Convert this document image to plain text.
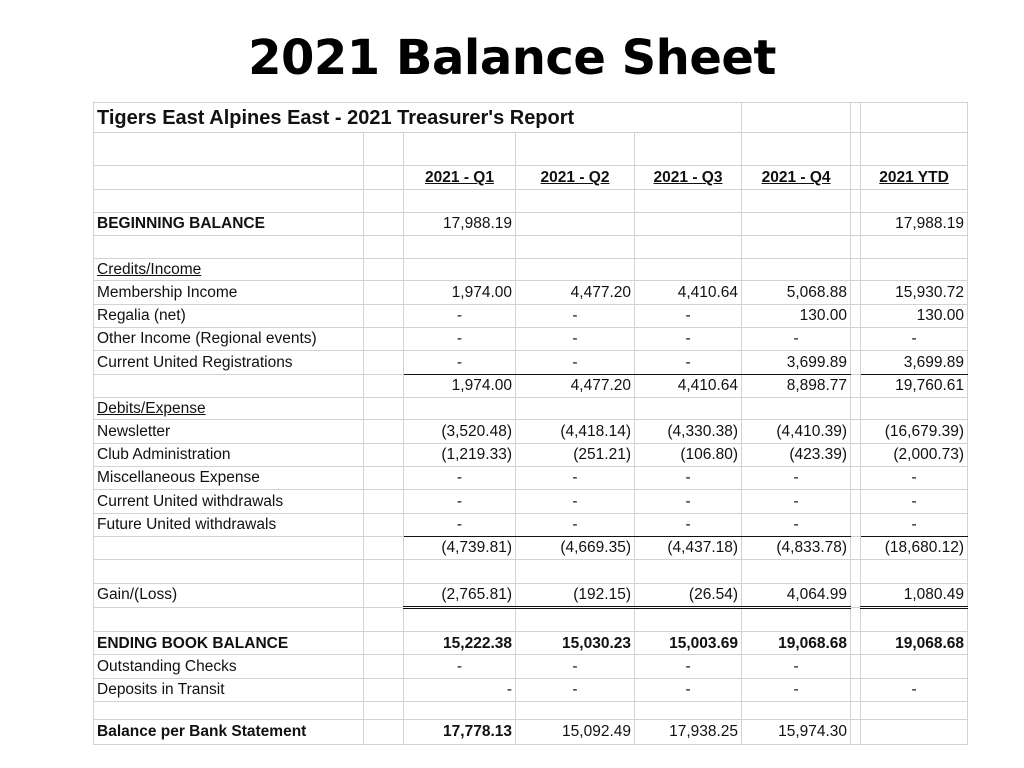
2021 Balance Sheet
Tigers East Alpines East - 2021 Treasurer's Report							

		2021 - Q1	2021 - Q2	2021 - Q3	2021 - Q4		2021 YTD

BEGINNING BALANCE		17,988.19					17,988.19

Credits/Income							
Membership Income		1,974.00	4,477.20	4,410.64	5,068.88		15,930.72
Regalia (net)		-	-	-	130.00		130.00
Other Income (Regional events)		-	-	-	-		-
Current United Registrations		-	-	-	3,699.89		3,699.89
		1,974.00	4,477.20	4,410.64	8,898.77		19,760.61
Debits/Expense							
Newsletter		(3,520.48)	(4,418.14)	(4,330.38)	(4,410.39)		(16,679.39)
Club Administration		(1,219.33)	(251.21)	(106.80)	(423.39)		(2,000.73)
Miscellaneous Expense		-	-	-	-		-
Current United withdrawals		-	-	-	-		-
Future United withdrawals		-	-	-	-		-
		(4,739.81)	(4,669.35)	(4,437.18)	(4,833.78)		(18,680.12)

Gain/(Loss)		(2,765.81)	(192.15)	(26.54)	4,064.99		1,080.49

ENDING BOOK BALANCE		15,222.38	15,030.23	15,003.69	19,068.68		19,068.68
Outstanding Checks		-	-	-	-		
Deposits in Transit		-	-	-	-		-

Balance per Bank Statement		17,778.13	15,092.49	17,938.25	15,974.30		
